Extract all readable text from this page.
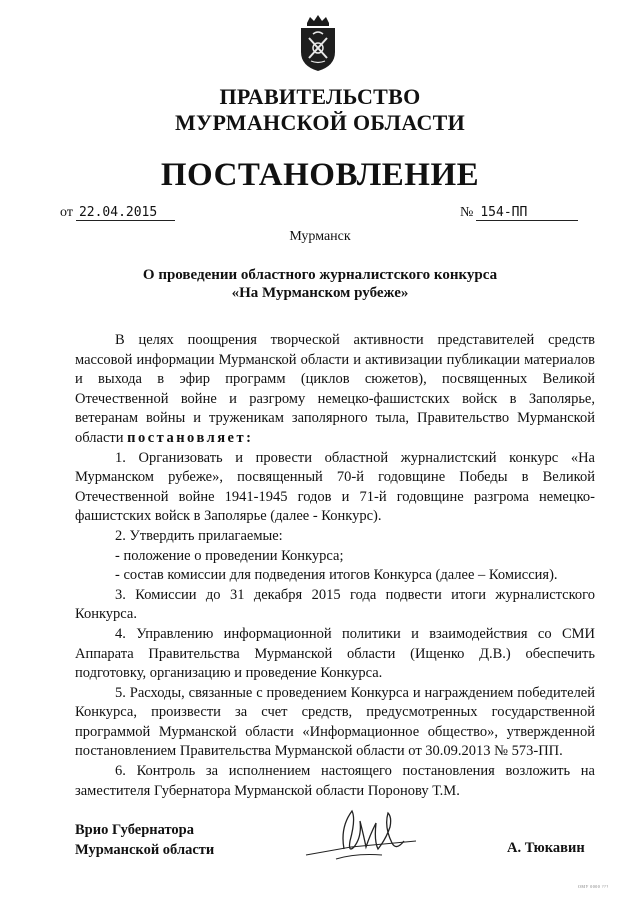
ПРАВИТЕЛЬСТВО
МУРМАНСКОЙ ОБЛАСТИ
ПОСТАНОВЛЕНИЕ
от 22.04.2015	№ 154-ПП
Мурманск
О проведении областного журналистского конкурса
«На Мурманском рубеже»

В целях поощрения творческой активности представителей средств массовой информации Мурманской области и активизации публикации материалов и выхода в эфир программ (циклов сюжетов), посвященных Великой Отечественной войне и разгрому немецко-фашистских войск в Заполярье, ветеранам войны и труженикам заполярного тыла, Правительство Мурманской области постановляет:

1. Организовать и провести областной журналистский конкурс «На Мурманском рубеже», посвященный 70-й годовщине Победы в Великой Отечественной войне 1941-1945 годов и 71-й годовщине разгрома немецко-фашистских войск в Заполярье (далее - Конкурс).

2. Утвердить прилагаемые:

- положение о проведении Конкурса;

- состав комиссии для подведения итогов Конкурса (далее – Комиссия).

3. Комиссии до 31 декабря 2015 года подвести итоги журналистского Конкурса.

4. Управлению информационной политики и взаимодействия со СМИ Аппарата Правительства Мурманской области (Ищенко Д.В.) обеспечить подготовку, организацию и проведение Конкурса.

5. Расходы, связанные с проведением Конкурса и награждением победителей Конкурса, произвести за счет средств, предусмотренных государственной программой Мурманской области «Информационное общество», утвержденной постановлением Правительства Мурманской области от 30.09.2013 № 573-ПП.

6. Контроль за исполнением настоящего постановления возложить на заместителя Губернатора Мурманской области Поронову Т.М.

Врио Губернатора
Мурманской области	А. Тюкавин
ОМУ 0000 ???
